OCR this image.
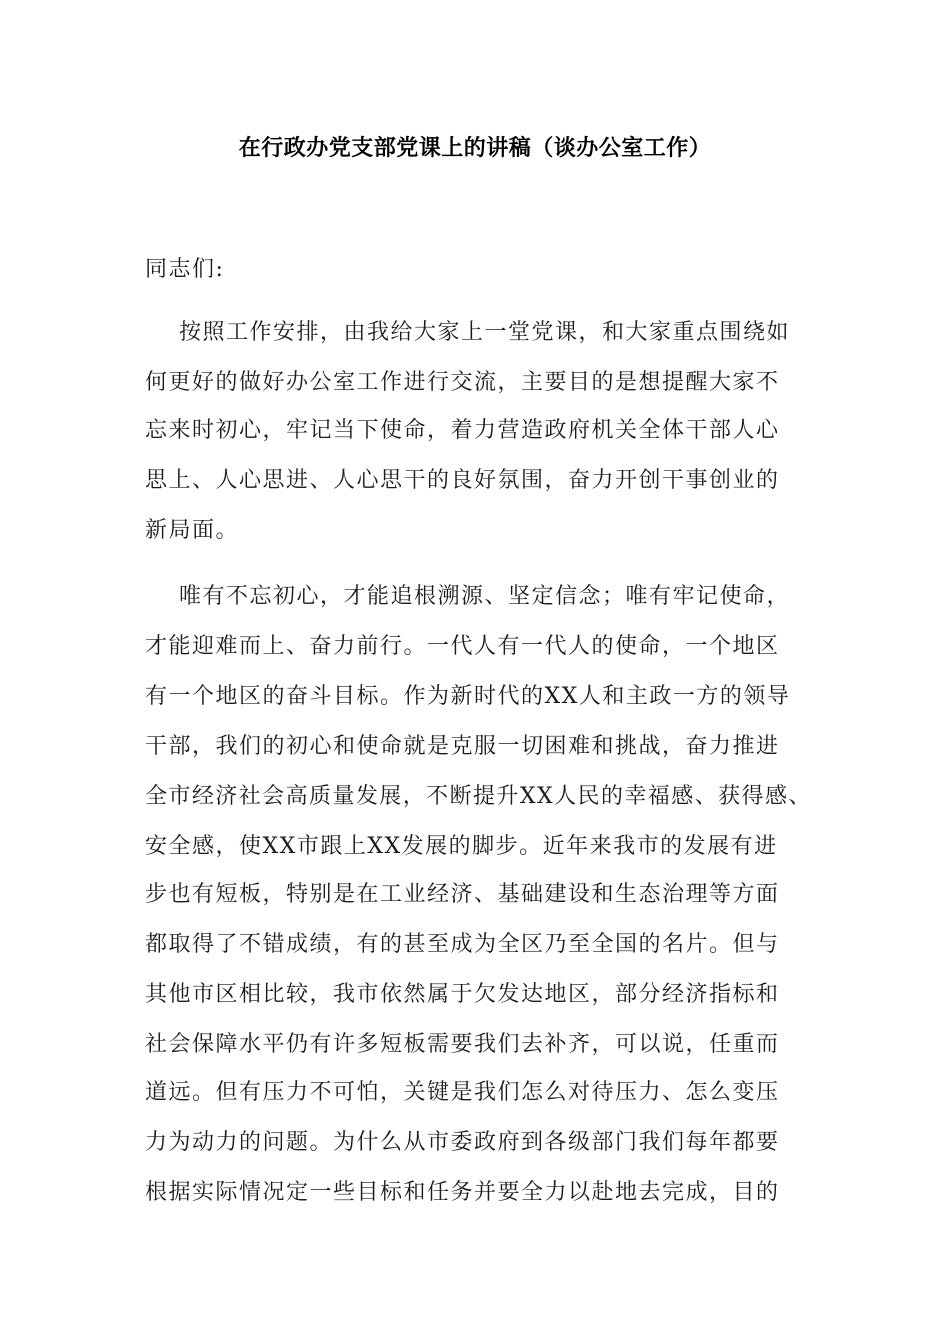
在行政办党支部党课上的讲稿（谈办公室工作）
同志们:
按照工作安排，由我给大家上一堂党课，和大家重点围绕如
何更好的做好办公室工作进行交流，主要目的是想提醒大家不
忘来时初心，牢记当下使命，着力营造政府机关全体干部人心
思上、人心思进、人心思干的良好氛围，奋力开创干事创业的
新局面。
唯有不忘初心，才能追根溯源、坚定信念；唯有牢记使命，
才能迎难而上、奋力前行。一代人有一代人的使命，一个地区
有一个地区的奋斗目标。作为新时代的XX人和主政一方的领导
干部，我们的初心和使命就是克服一切困难和挑战，奋力推进
全市经济社会高质量发展，不断提升XX人民的幸福感、获得感、
安全感，使XX市跟上XX发展的脚步。近年来我市的发展有进
步也有短板，特别是在工业经济、基础建设和生态治理等方面
都取得了不错成绩，有的甚至成为全区乃至全国的名片。但与
其他市区相比较，我市依然属于欠发达地区，部分经济指标和
社会保障水平仍有许多短板需要我们去补齐，可以说，任重而
道远。但有压力不可怕，关键是我们怎么对待压力、怎么变压
力为动力的问题。为什么从市委政府到各级部门我们每年都要
根据实际情况定一些目标和任务并要全力以赴地去完成，目的
